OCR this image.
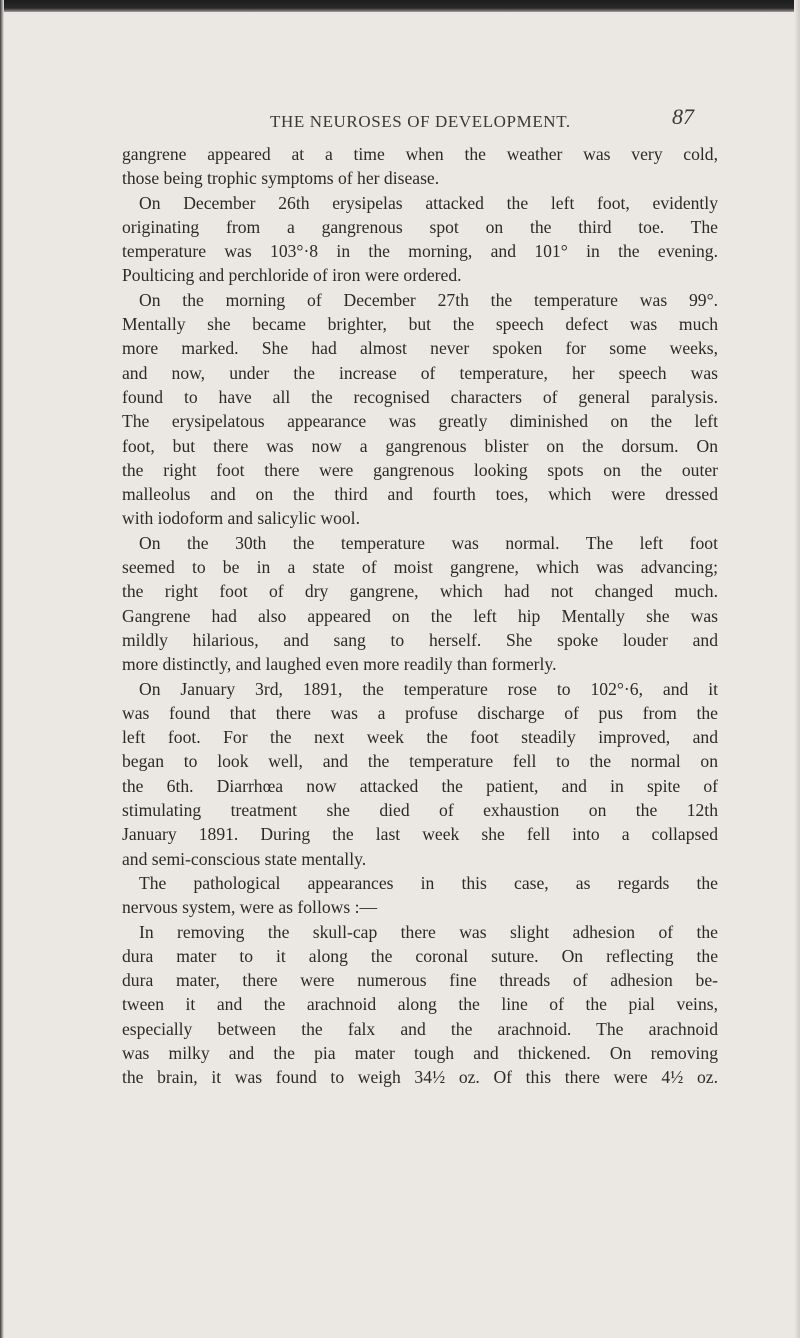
THE NEUROSES OF DEVELOPMENT.	87
gangrene appeared at a time when the weather was very cold,
those being trophic symptoms of her disease.
On December 26th erysipelas attacked the left foot, evidently
originating from a gangrenous spot on the third toe. The
temperature was 103°·8 in the morning, and 101° in the evening.
Poulticing and perchloride of iron were ordered.
On the morning of December 27th the temperature was 99°.
Mentally she became brighter, but the speech defect was much
more marked. She had almost never spoken for some weeks,
and now, under the increase of temperature, her speech was
found to have all the recognised characters of general paralysis.
The erysipelatous appearance was greatly diminished on the left
foot, but there was now a gangrenous blister on the dorsum. On
the right foot there were gangrenous looking spots on the outer
malleolus and on the third and fourth toes, which were dressed
with iodoform and salicylic wool.
On the 30th the temperature was normal. The left foot
seemed to be in a state of moist gangrene, which was advancing;
the right foot of dry gangrene, which had not changed much.
Gangrene had also appeared on the left hip Mentally she was
mildly hilarious, and sang to herself. She spoke louder and
more distinctly, and laughed even more readily than formerly.
On January 3rd, 1891, the temperature rose to 102°·6, and it
was found that there was a profuse discharge of pus from the
left foot. For the next week the foot steadily improved, and
began to look well, and the temperature fell to the normal on
the 6th. Diarrhœa now attacked the patient, and in spite of
stimulating treatment she died of exhaustion on the 12th
January 1891. During the last week she fell into a collapsed
and semi-conscious state mentally.
The pathological appearances in this case, as regards the
nervous system, were as follows :—
In removing the skull-cap there was slight adhesion of the
dura mater to it along the coronal suture. On reflecting the
dura mater, there were numerous fine threads of adhesion be-
tween it and the arachnoid along the line of the pial veins,
especially between the falx and the arachnoid. The arachnoid
was milky and the pia mater tough and thickened. On removing
the brain, it was found to weigh 34½ oz. Of this there were 4½ oz.
